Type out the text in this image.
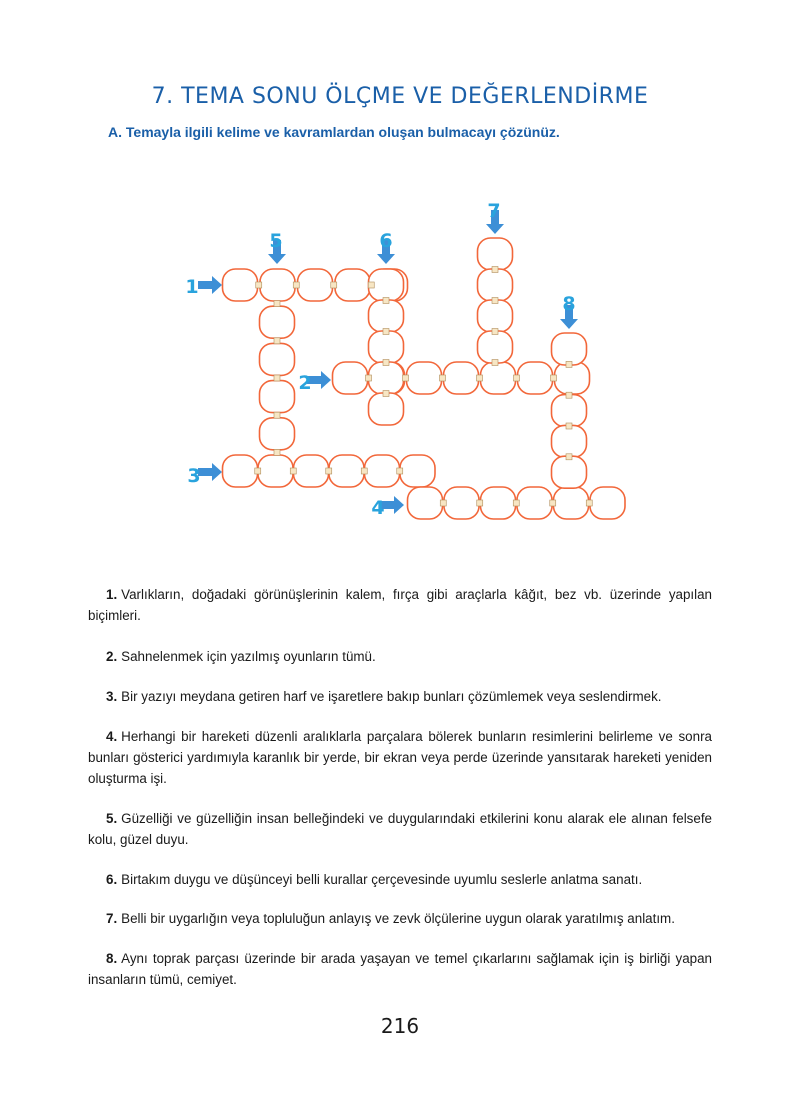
7. TEMA SONU ÖLÇME VE DEĞERLENDİRME
A. Temayla ilgili kelime ve kavramlardan oluşan bulmacayı çözünüz.
1
2
3
4
5	6
7
8
1. Varlıkların, doğadaki görünüşlerinin kalem, fırça gibi araçlarla kâğıt, bez vb. üzerinde yapılan biçimleri.
2. Sahnelenmek için yazılmış oyunların tümü.
3. Bir yazıyı meydana getiren harf ve işaretlere bakıp bunları çözümlemek veya seslendirmek.
4. Herhangi bir hareketi düzenli aralıklarla parçalara bölerek bunların resimlerini belirleme ve sonra bunları gösterici yardımıyla karanlık bir yerde, bir ekran veya perde üzerinde yansıtarak hareketi yeniden oluşturma işi.
5. Güzelliği ve güzelliğin insan belleğindeki ve duygularındaki etkilerini konu alarak ele alınan felsefe kolu, güzel duyu.
6. Birtakım duygu ve düşünceyi belli kurallar çerçevesinde uyumlu seslerle anlatma sanatı.
7. Belli bir uygarlığın veya topluluğun anlayış ve zevk ölçülerine uygun olarak yaratılmış anlatım.
8. Aynı toprak parçası üzerinde bir arada yaşayan ve temel çıkarlarını sağlamak için iş birliği yapan insanların tümü, cemiyet.
216
